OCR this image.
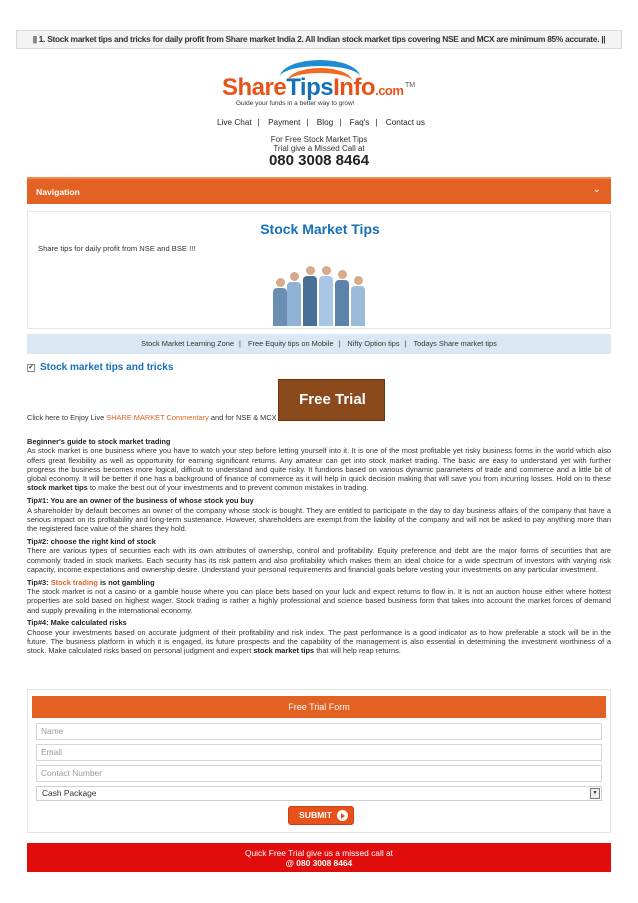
|| 1. Stock market tips and tricks for daily profit from Share market India 2. All Indian stock market tips covering NSE and MCX are minimum 85% accurate. ||
ShareTipsInfo.com TM
Guide your funds in a better way to grow!
Live Chat | Payment | Blog | Faq's | Contact us
For Free Stock Market Tips
Trial give a Missed Call at
080 3008 8464
Navigation	⌄
Stock Market Tips
Share tips for daily profit from NSE and BSE !!!
Stock Market Learning Zone | Free Equity tips on Mobile | Nifty Option tips | Todays Share market tips
✓ Stock market tips and tricks
Free Trial
Click here to Enjoy Live SHARE MARKET Commentary and for NSE & MCX

Beginner's guide to stock market trading

As stock market is one business where you have to watch your step before letting yourself into it. It is one of the most profitable yet risky business forms in the world which also offers great flexibility as well as opportunity for earning significant returns. Any amateur can get into stock market trading. The basic are easy to understand yet with further progress the business becomes more logical, difficult to understand and quite risky. It fundions based on various dynamic parameters of trade and commerce and a little bit of global economy. It will be better if one has a background of finance of commerce as it will help in quick decision making that will save you from incurring losses. Hold on to these stock market tips to make the best out of your investments and to prevent common mistakes in trading.

Tip#1: You are an owner of the business of whose stock you buy

A shareholder by default becomes an owner of the company whose stock is bought. They are entitled to participate in the day to day business affairs of the company that have a serious impact on its profitability and long-term sustenance. However, shareholders are exempt from the liability of the company and will not be asked to pay anything more than the registered face value of the shares they hold.

Tip#2: choose the right kind of stock

There are various types of securities each with its own attributes of ownership, control and profitability. Equity preference and debt are the major forms of securities that are commonly traded in stock markets. Each security has its risk pattern and also profitability which makes them an ideal choice for a wide spectrum of investors with varying risk capacity, income expectations and ownership desire. Understand your personal requirements and financial goals before vesting your investments on any particular investment.

Tip#3: Stock trading is not gambling

The stock market is not a casino or a gamble house where you can place bets based on your luck and expect returns to flow in. It is not an auction house either where hottest properties are sold based on highest wager. Stock trading is rather a highly professional and science based business form that takes into account the market forces of demand and supply prevailing in the international economy.

Tip#4: Make calculated risks

Choose your investments based on accurate judgment of their profitability and risk index. The past performance is a good indicator as to how preferable a stock will be in the future. The business platform in which it is engaged, its future prospects and the capability of the management is also essential in determining the investment worthiness of a stock. Make calculated risks based on personal judgment and expert stock market tips that will help reap returns.

Free Trial Form
Name
Email
Contact Number
Cash Package	▼
SUBMIT
Quick Free Trial give us a missed call at
@ 080 3008 8464
